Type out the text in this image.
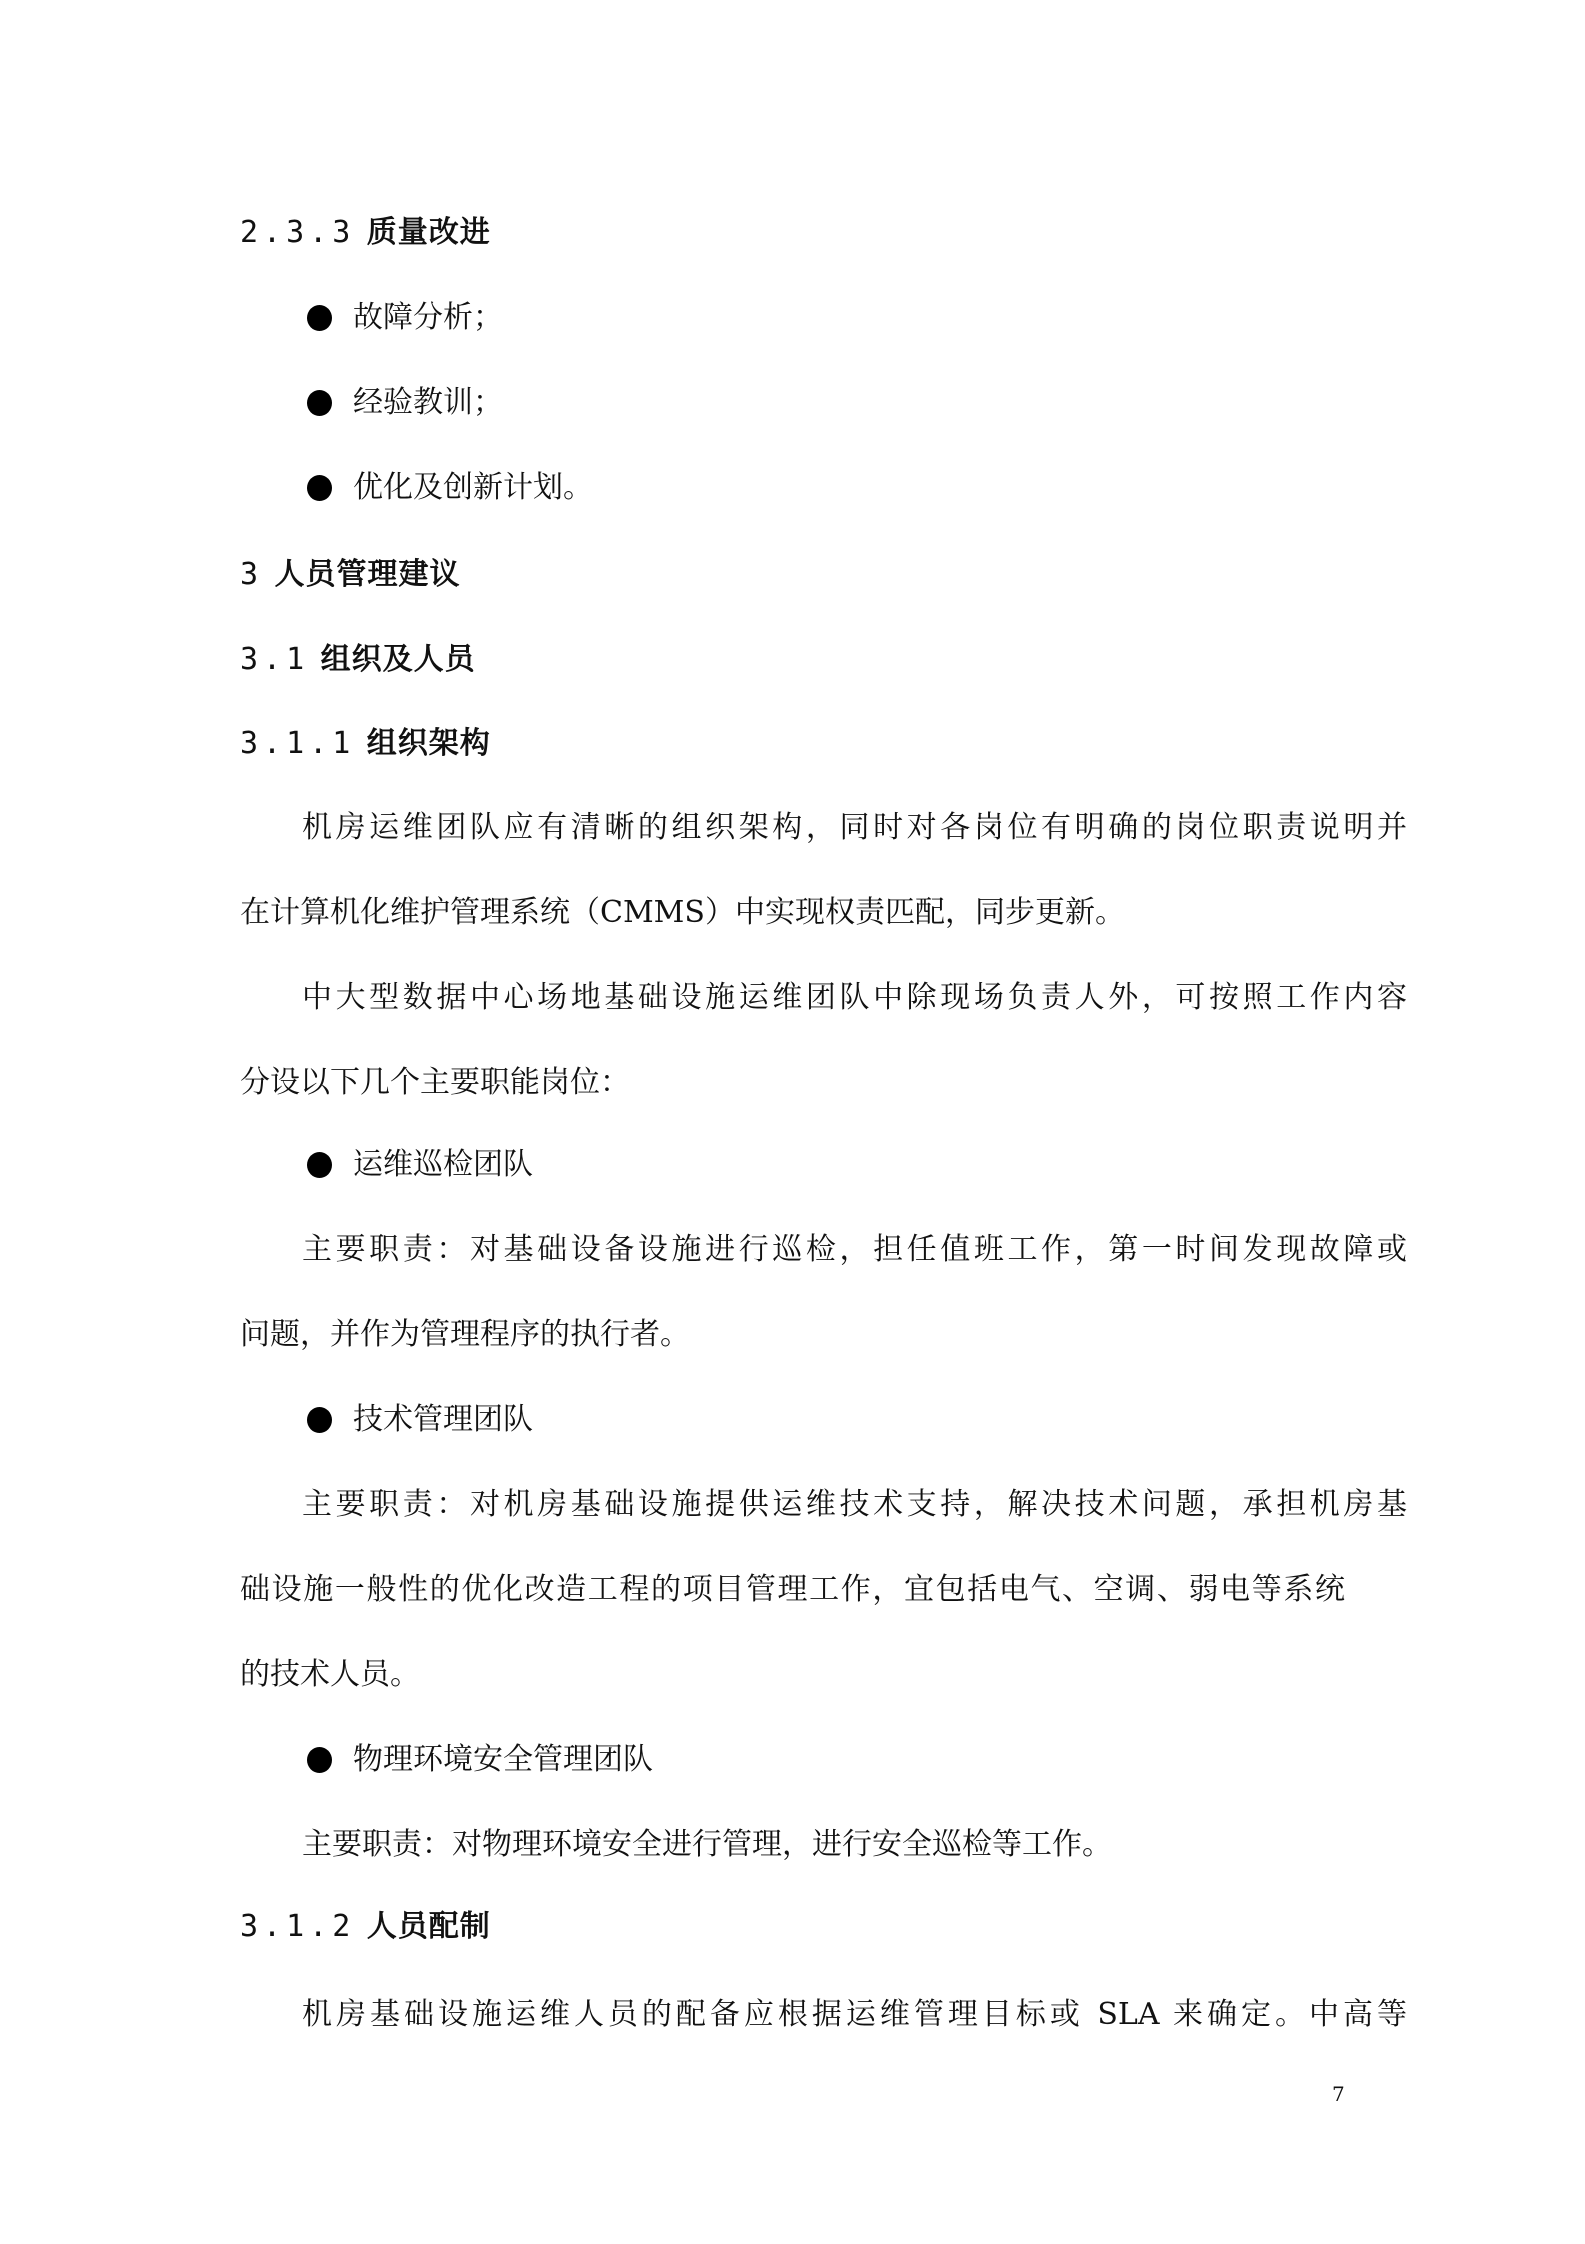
2.3.3 质量改进
故障分析；
经验教训；
优化及创新计划。
3 人员管理建议
3.1 组织及人员
3.1.1 组织架构
机房运维团队应有清晰的组织架构，同时对各岗位有明确的岗位职责说明并
在计算机化维护管理系统（CMMS）中实现权责匹配，同步更新。
中大型数据中心场地基础设施运维团队中除现场负责人外，可按照工作内容
分设以下几个主要职能岗位：
运维巡检团队
主要职责：对基础设备设施进行巡检，担任值班工作，第一时间发现故障或
问题，并作为管理程序的执行者。
技术管理团队
主要职责：对机房基础设施提供运维技术支持，解决技术问题，承担机房基
础设施一般性的优化改造工程的项目管理工作，宜包括电气、空调、弱电等系统
的技术人员。
物理环境安全管理团队
主要职责：对物理环境安全进行管理，进行安全巡检等工作。
3.1.2 人员配制
机房基础设施运维人员的配备应根据运维管理目标或 SLA 来确定。中高等
7
